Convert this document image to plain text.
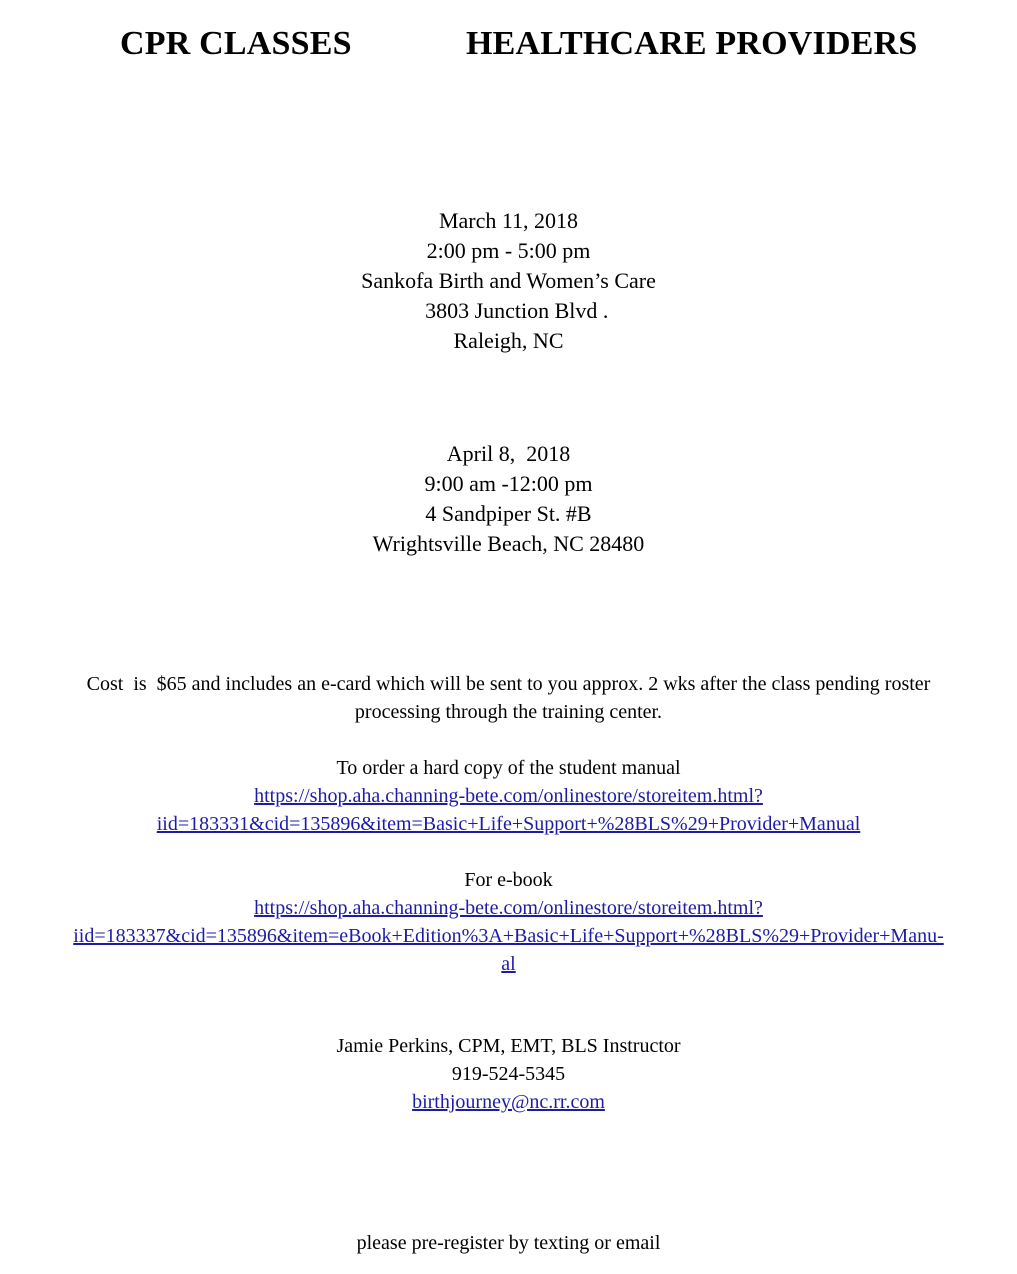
CPR CLASSES	HEALTHCARE PROVIDERS
March 11, 2018
2:00 pm - 5:00 pm
Sankofa Birth and Women’s Care
3803 Junction Blvd .
Raleigh, NC
April 8,  2018
9:00 am -12:00 pm
4 Sandpiper St. #B
Wrightsville Beach, NC 28480
Cost  is  $65 and includes an e-card which will be sent to you approx. 2 wks after the class pending roster
processing through the training center.
To order a hard copy of the student manual
https://shop.aha.channing-bete.com/onlinestore/storeitem.html?
iid=183331&cid=135896&item=Basic+Life+Support+%28BLS%29+Provider+Manual
For e-book
https://shop.aha.channing-bete.com/onlinestore/storeitem.html?
iid=183337&cid=135896&item=eBook+Edition%3A+Basic+Life+Support+%28BLS%29+Provider+Manu-
al
Jamie Perkins, CPM, EMT, BLS Instructor
919-524-5345
birthjourney@nc.rr.com
please pre-register by texting or email
